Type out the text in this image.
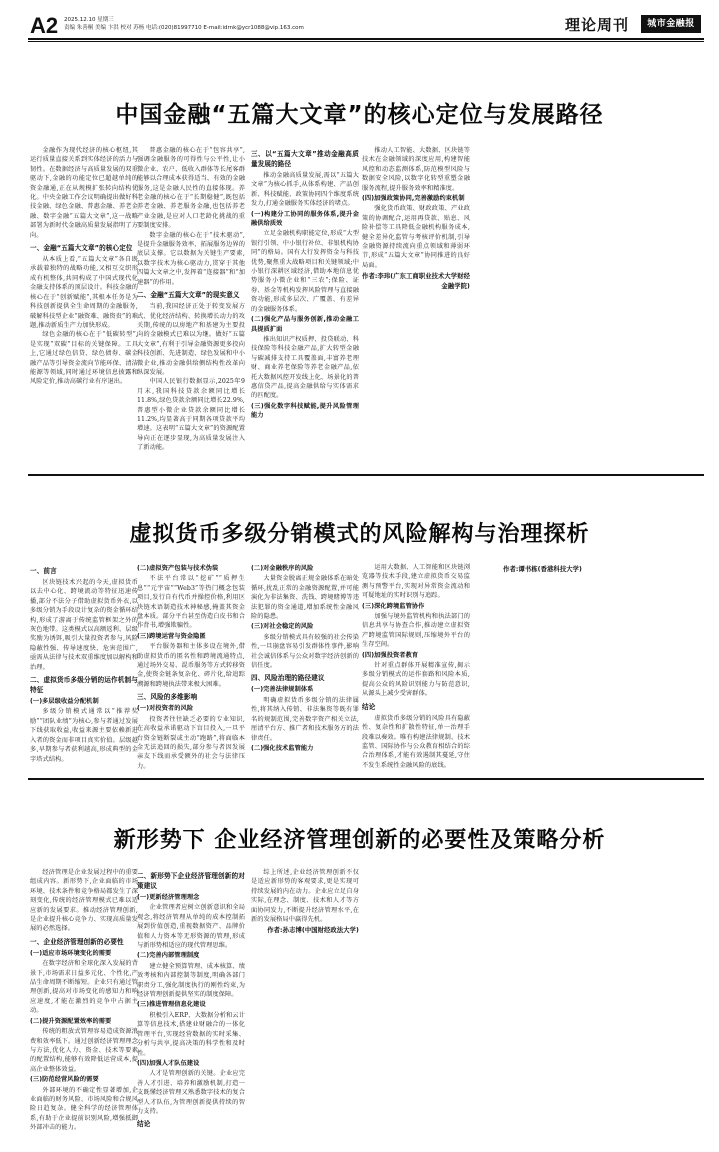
A2 2025.12.10 星期三
责编 朱善桐 美编 卞洪 校对 苏杨 电话:(020)81997710 E-mail:idrnk@ycr1088@vip.163.com	理论周刊	城市金融报
中国金融“五篇大文章”的核心定位与发展路径
虚拟货币多级分销模式的风险解构与治理探析
新形势下 企业经济管理创新的必要性及策略分析

金融作为现代经济的核心枢纽,其运行质量直接关系到实体经济的活力与韧性。在数据经济与高质量发展的双重驱动下,金融的功能定位已超越单纯的资金融通,正在从规模扩张转向结构优化。中央金融工作会议明确提出做好科技金融、绿色金融、普惠金融、养老金融、数字金融“五篇大文章”,这一战略部署为新时代金融高质量发展指明了方向。

一、金融“五篇大文章”的核心定位

从本质上看,“五篇大文章”各自既承载着独特的战略功能,又相互交织形成有机整体,共同构成了中国式现代化金融支持体系的顶层设计。科技金融的核心在于“创新赋能”,其根本任务是为科技创新提供全生命周期的金融服务,破解科技型企业“融资难、融资贵”的难题,推动新质生产力加快形成。

绿色金融的核心在于“低碳转型”,是实现“双碳”目标的关键保障。工具上,它通过绿色信贷、绿色债券、碳金融产品等引导资金流向节能环保、清洁能源等领域,同时通过环境信息披露和风险定价,推动高碳行业有序退出。

普惠金融的核心在于“包容共享”,强调金融服务的可得性与公平性,让小微企业、农户、低收入群体等长尾客群能够以合理成本获得适当、有效的金融服务,这是金融人民性的直接体现。养老金融的核心在于“长期稳健”,既包括养老金融、养老服务金融,也包括养老产业金融,是应对人口老龄化挑战的重要制度安排。

数字金融的核心在于“技术驱动”,是提升金融服务效率、拓展服务边界的底层支撑。它以数据为关键生产要素,以数字技术为核心驱动力,贯穿于其他四篇大文章之中,发挥着“连接器”和“加速器”的作用。

二、金融“五篇大文章”的现实意义

当前,我国经济正处于转变发展方式、优化经济结构、转换增长动力的攻关期,传统的以房地产和基建为主要投向的金融模式已难以为继。做好“五篇大文章”,有利于引导金融资源更多投向科技创新、先进制造、绿色发展和中小微企业,推动金融供给侧结构性改革向纵深发展。

中国人民银行数据显示,2025年9月末,我国科技贷款余额同比增长11.8%,绿色贷款余额同比增长22.9%,普惠型小微企业贷款余额同比增长11.2%,均显著高于同期各项贷款平均增速。这表明“五篇大文章”的资源配置导向正在逐步显现,为高质量发展注入了新动能。

三、以“五篇大文章”推动金融高质量发展的路径

推动金融高质量发展,需以“五篇大文章”为核心抓手,从体系构建、产品创新、科技赋能、政策协同四个维度系统发力,打通金融服务实体经济的堵点。

(一)构建分工协同的服务体系,提升金融供给质效

立足金融机构职能定位,形成“大型银行引领、中小银行补位、非银机构协同”的格局。国有大行发挥资金与科技优势,聚焦重大战略项目和关键领域;中小银行深耕区域经济,借助本地信息优势服务小微企业和“三农”;保险、证券、基金等机构发挥风险管理与直接融资功能,形成多层次、广覆盖、有差异的金融服务体系。

(二)强化产品与服务创新,推动金融工具提质扩面

推出知识产权质押、投贷联动、科技保险等科技金融产品,扩大转型金融与碳减排支持工具覆盖面,丰富养老理财、商业养老保险等养老金融产品,依托大数据风控开发线上化、场景化的普惠信贷产品,提高金融供给与实体需求的匹配度。

(三)强化数字科技赋能,提升风险管理能力

推动人工智能、大数据、区块链等技术在金融领域的深度应用,构建智能风控和动态监测体系,防范模型风险与数据安全风险,以数字化转型重塑金融服务流程,提升服务效率和精准度。

(四)加强政策协同,完善激励约束机制

强化货币政策、财政政策、产业政策的协调配合,运用再贷款、贴息、风险补偿等工具降低金融机构服务成本,健全差异化监管与考核评价机制,引导金融资源持续流向重点领域和薄弱环节,形成“五篇大文章”协同推进的良好局面。

作者:李玮(广东工商职业技术大学财经金融学院)
一、前言

区块链技术兴起的今天,虚拟货币以去中心化、跨境流动等特征迅速传播,部分不法分子借助虚拟货币外衣,以多级分销为手段设计复杂的资金循环结构,形成了游离于传统监管框架之外的灰色地带。这类模式以高额返利、层级奖励为诱饵,吸引大量投资者参与,风险隐蔽性强、传导速度快、危害范围广,亟需从法律与技术双重维度加以解构和治理。

二、虚拟货币多级分销的运作机制与特征
(一)多层级收益分配机制

多级分销模式通常以“推荐奖励”“团队业绩”为核心,参与者通过发展下线获取收益,收益来源主要依赖新进入者的资金而非项目真实价值。层级越多,早期参与者获利越高,形成典型的金字塔式结构。

(二)虚拟资产包装与技术伪装

不法平台常以“挖矿”“质押生息”“元宇宙”“Web3”等热门概念包装项目,发行自有代币并操控价格,利用区块链术语制造技术神秘感,掩盖其资金盘本质。部分平台甚至伪造白皮书和合作背书,增强欺骗性。

(三)跨境运营与资金隐匿

平台服务器和主体多设在境外,借助虚拟货币的匿名性和跨境流通特点,通过场外交易、混币服务等方式转移资金,使资金链条复杂化、碎片化,给追踪溯源和跨境执法带来极大困难。

三、风险的多维影响
(一)对投资者的风险

投资者往往缺乏必要的专业知识,在高收益承诺驱动下盲目投入,一旦平台资金链断裂或主动“跑路”,将面临本金无法追回的损失,部分参与者因发展亲友下线而承受额外的社会与法律压力。

(二)对金融秩序的风险

大量资金脱离正规金融体系在暗处循环,扰乱正常的金融资源配置,并可能演化为非法集资、洗钱、跨境赌博等违法犯罪的资金通道,增加系统性金融风险的隐患。

(三)对社会稳定的风险

多级分销模式具有较强的社会传染性,一旦崩盘容易引发群体性事件,影响社会诚信体系与公众对数字经济创新的信任度。

四、风险治理的路径建议
(一)完善法律规制体系

明确虚拟货币多级分销的法律属性,将其纳入传销、非法集资等既有罪名的规制范围,完善数字资产相关立法,厘清平台方、推广者和技术服务方的法律责任。

(二)强化技术监管能力

运用大数据、人工智能和区块链浏览器等技术手段,建立虚拟货币交易监测与预警平台,实现对异常资金流动和可疑地址的实时识别与追踪。

(三)深化跨境监管协作

加强与境外监管机构和执法部门的信息共享与协查合作,推动建立虚拟资产跨境监管国际规则,压缩境外平台的生存空间。

(四)加强投资者教育

针对重点群体开展精准宣传,揭示多级分销模式的运作套路和风险本质,提高公众的风险识别能力与防范意识,从源头上减少受害群体。

结论

虚拟货币多级分销的风险具有隐蔽性、复杂性和扩散性特征,单一治理手段难以奏效。唯有构建法律规制、技术监管、国际协作与公众教育相结合的综合治理体系,才能有效遏制其蔓延,守住不发生系统性金融风险的底线。

作者:谭书栋(香港科技大学)

经济管理是企业发展过程中的重要组成内容。新形势下,企业面临的市场环境、技术条件和竞争格局都发生了深刻变化,传统的经济管理模式已难以适应新的发展要求。推动经济管理创新,是企业提升核心竞争力、实现高质量发展的必然选择。

一、企业经济管理创新的必要性
(一)适应市场环境变化的需要

在数字经济和全球化深入发展的背景下,市场需求日益多元化、个性化,产品生命周期不断缩短。企业只有通过管理创新,提高对市场变化的感知力和响应速度,才能在激烈的竞争中占据主动。

(二)提升资源配置效率的需要

传统的粗放式管理容易造成资源浪费和效率低下。通过创新经济管理理念与方法,优化人力、资金、技术等要素的配置结构,能够有效降低运营成本,提高企业整体效益。

(三)防范经营风险的需要

外部环境的不确定性显著增加,企业面临的财务风险、市场风险和合规风险日趋复杂。健全科学的经济管理体系,有助于企业提前识别风险,增强抵御外部冲击的能力。

二、新形势下企业经济管理创新的对策建议
(一)更新经济管理理念

企业管理者应树立创新意识和全局观念,将经济管理从单纯的成本控制拓展到价值创造,重视数据资产、品牌价值和人力资本等无形资源的管理,形成与新形势相适应的现代管理思维。

(二)完善内部管理制度

建立健全预算管理、成本核算、绩效考核和内部控制等制度,明确各部门职责分工,强化制度执行的刚性约束,为经济管理创新提供坚实的制度保障。

(三)推进管理信息化建设

积极引入ERP、大数据分析和云计算等信息技术,搭建业财融合的一体化管理平台,实现经营数据的实时采集、分析与共享,提高决策的科学性和及时性。

(四)加强人才队伍建设

人才是管理创新的关键。企业应完善人才引进、培养和激励机制,打造一支既懂经济管理又熟悉数字技术的复合型人才队伍,为管理创新提供持续的智力支持。

结论

综上所述,企业经济管理创新不仅是适应新形势的客观要求,更是实现可持续发展的内在动力。企业应立足自身实际,在理念、制度、技术和人才等方面协同发力,不断提升经济管理水平,在新的发展格局中赢得先机。

作者:孙志博(中国财经政法大学)
